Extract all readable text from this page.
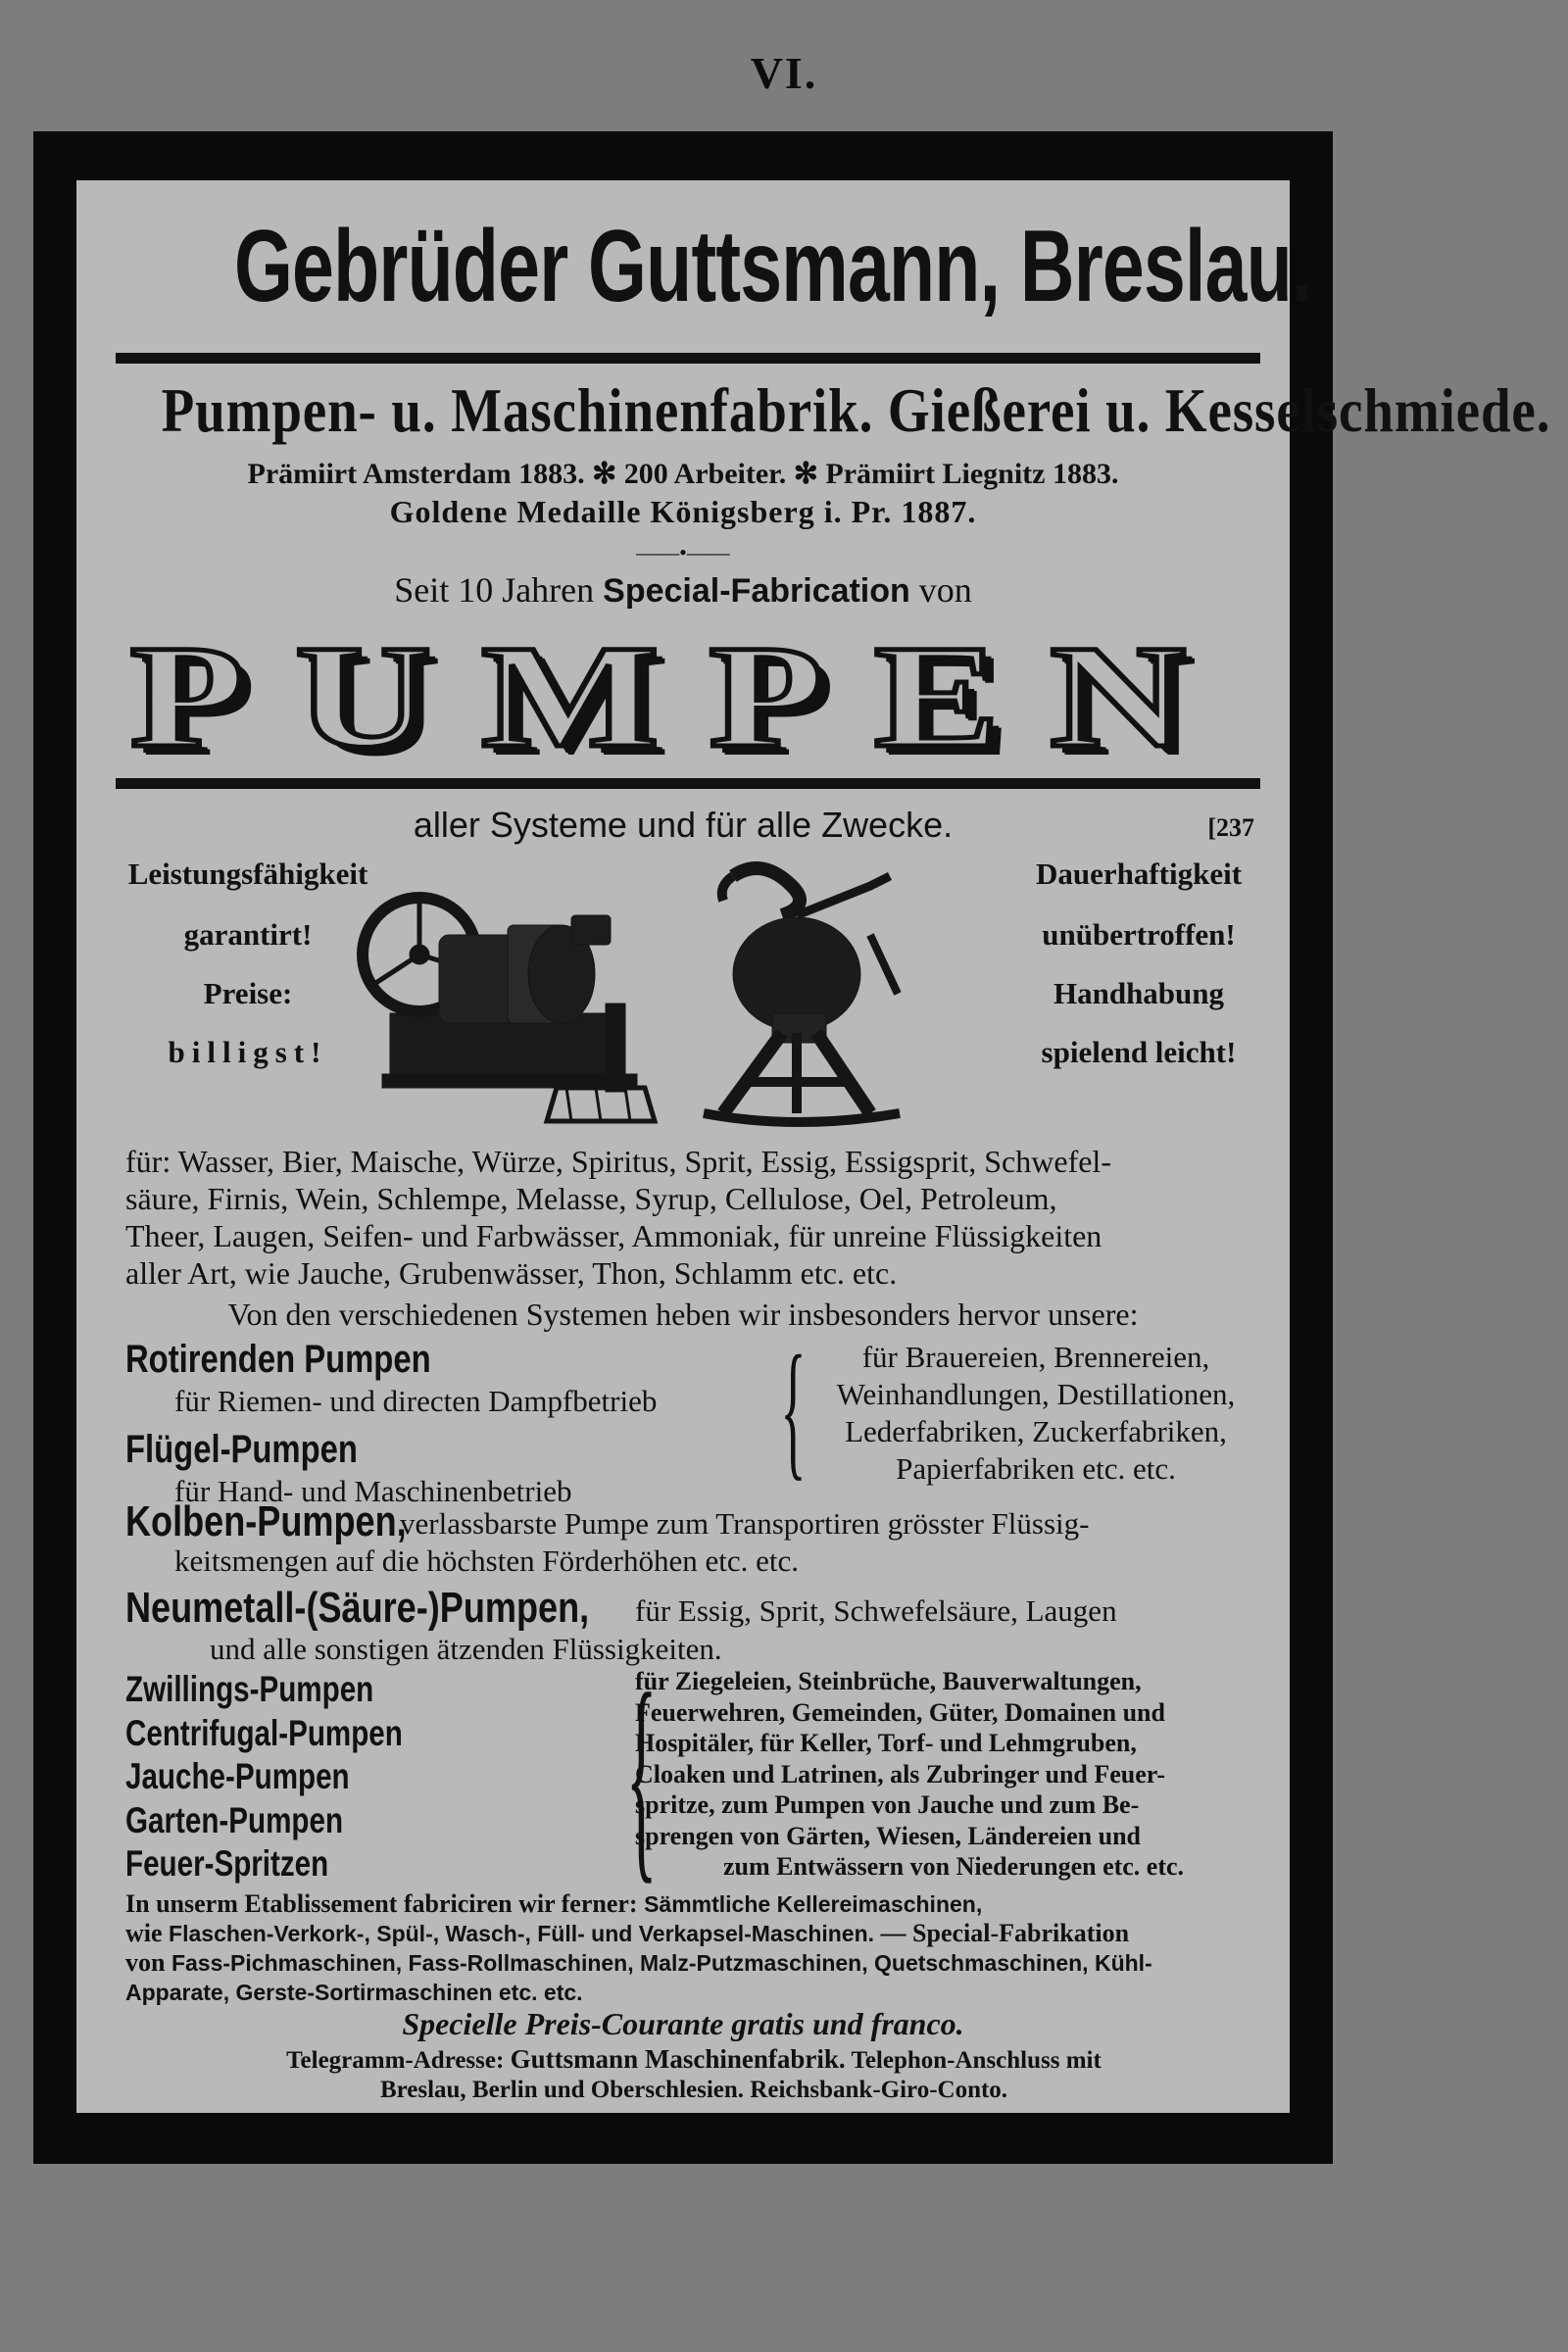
VI.
Gebrüder Guttsmann, Breslau.
Pumpen- u. Maschinenfabrik. Gießerei u. Kesselschmiede.
Prämiirt Amsterdam 1883. ✻ 200 Arbeiter. ✻ Prämiirt Liegnitz 1883.
Goldene Medaille Königsberg i. Pr. 1887.
——•——
Seit 10 Jahren Special-Fabrication von
PUMPEN
aller Systeme und für alle Zwecke.	[237
Leistungsfähigkeit
garantirt!
Preise:
billigst!
Dauerhaftigkeit
unübertroffen!
Handhabung
spielend leicht!

für: Wasser, Bier, Maische, Würze, Spiritus, Sprit, Essig, Essigsprit, Schwefel-

säure, Firnis, Wein, Schlempe, Melasse, Syrup, Cellulose, Oel, Petroleum,

Theer, Laugen, Seifen- und Farbwässer, Ammoniak, für unreine Flüssigkeiten

aller Art, wie Jauche, Grubenwässer, Thon, Schlamm etc. etc.

Von den verschiedenen Systemen heben wir insbesonders hervor unsere:
Rotirenden Pumpen
für Riemen- und directen Dampfbetrieb
Flügel-Pumpen
für Hand- und Maschinenbetrieb {	für Brauereien, Brennereien,

Weinhandlungen, Destillationen,

Lederfabriken, Zuckerfabriken,

Papierfabriken etc. etc.

Kolben-Pumpen,
verlassbarste Pumpe zum Transportiren grösster Flüssig-
keitsmengen auf die höchsten Förderhöhen etc. etc.
Neumetall-(Säure-)Pumpen, für Essig, Sprit, Schwefelsäure, Laugen
und alle sonstigen ätzenden Flüssigkeiten.
Zwillings-Pumpen
Centrifugal-Pumpen
Jauche-Pumpen
Garten-Pumpen
Feuer-Spritzen {

für Ziegeleien, Steinbrüche, Bauverwaltungen,

Feuerwehren, Gemeinden, Güter, Domainen und

Hospitäler, für Keller, Torf- und Lehmgruben,

Cloaken und Latrinen, als Zubringer und Feuer-

spritze, zum Pumpen von Jauche und zum Be-

sprengen von Gärten, Wiesen, Ländereien und

zum Entwässern von Niederungen etc. etc.

In unserm Etablissement fabriciren wir ferner: Sämmtliche Kellereimaschinen,

wie Flaschen-Verkork-, Spül-, Wasch-, Füll- und Verkapsel-Maschinen. — Special-Fabrikation

von Fass-Pichmaschinen, Fass-Rollmaschinen, Malz-Putzmaschinen, Quetschmaschinen, Kühl-

Apparate, Gerste-Sortirmaschinen etc. etc.

Specielle Preis-Courante gratis und franco.

Telegramm-Adresse: Guttsmann Maschinenfabrik. Telephon-Anschluss mit

Breslau, Berlin und Oberschlesien. Reichsbank-Giro-Conto.
